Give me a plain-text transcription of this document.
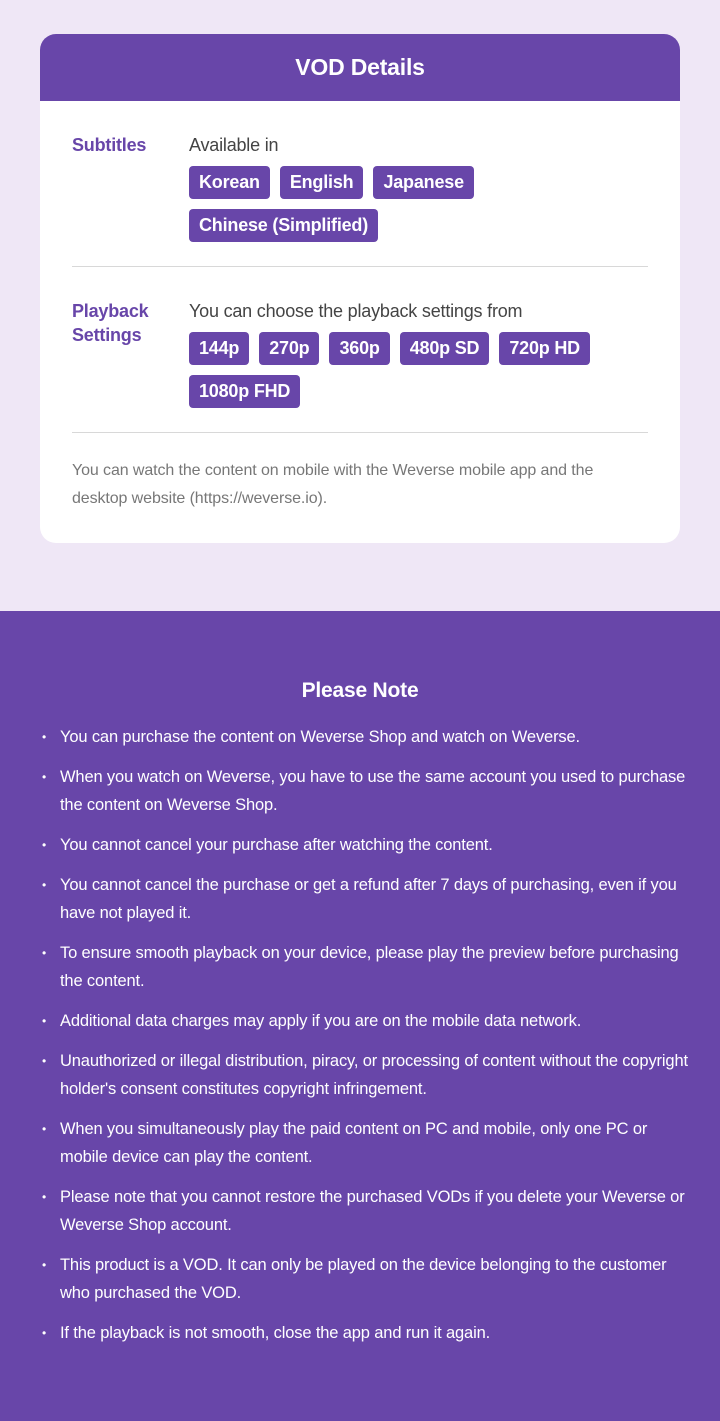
VOD Details
Subtitles	Available in
Korean	English	Japanese
Chinese (Simplified)
Playback
Settings
You can choose the playback settings from
144p	270p	360p	480p SD	720p HD
1080p FHD

You can watch the content on mobile with the Weverse mobile app and the desktop website (https://weverse.io).

Please Note
• You can purchase the content on Weverse Shop and watch on Weverse.
• When you watch on Weverse, you have to use the same account you used to purchase the content on Weverse Shop.
• You cannot cancel your purchase after watching the content.
• You cannot cancel the purchase or get a refund after 7 days of purchasing, even if you have not played it.
• To ensure smooth playback on your device, please play the preview before purchasing the content.
• Additional data charges may apply if you are on the mobile data network.
• Unauthorized or illegal distribution, piracy, or processing of content without the copyright holder's consent constitutes copyright infringement.
• When you simultaneously play the paid content on PC and mobile, only one PC or mobile device can play the content.
• Please note that you cannot restore the purchased VODs if you delete your Weverse or Weverse Shop account.
• This product is a VOD. It can only be played on the device belonging to the customer who purchased the VOD.
• If the playback is not smooth, close the app and run it again.
